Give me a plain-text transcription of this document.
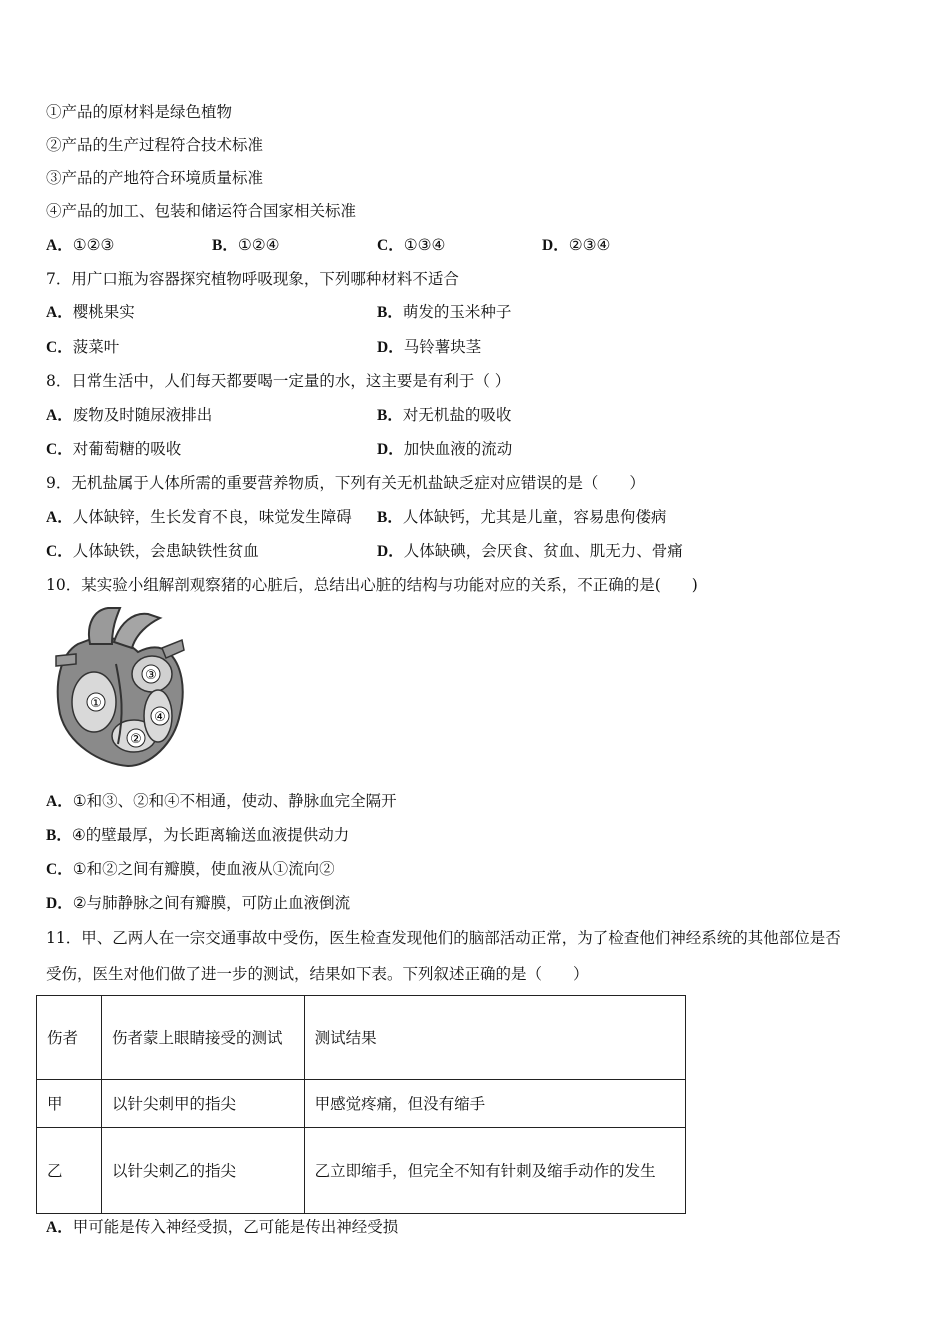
①产品的原材料是绿色植物
②产品的生产过程符合技术标准
③产品的产地符合环境质量标准
④产品的加工、包装和储运符合国家相关标准
A．①②③	B．①②④	C．①③④	D．②③④
7．用广口瓶为容器探究植物呼吸现象，下列哪种材料不适合
A．樱桃果实	B．萌发的玉米种子
C．菠菜叶	D．马铃薯块茎
8．日常生活中，人们每天都要喝一定量的水，这主要是有利于（ ）
A．废物及时随尿液排出	B．对无机盐的吸收
C．对葡萄糖的吸收	D．加快血液的流动
9．无机盐属于人体所需的重要营养物质，下列有关无机盐缺乏症对应错误的是（　　）
A．人体缺锌，生长发育不良，味觉发生障碍 B．人体缺钙，尤其是儿童，容易患佝偻病
C．人体缺铁，会患缺铁性贫血	D．人体缺碘，会厌食、贫血、肌无力、骨痛
10．某实验小组解剖观察猪的心脏后，总结出心脏的结构与功能对应的关系，不正确的是(　　)
①
②
③
④
A．①和③、②和④不相通，使动、静脉血完全隔开
B．④的壁最厚，为长距离输送血液提供动力
C．①和②之间有瓣膜，使血液从①流向②
D．②与肺静脉之间有瓣膜，可防止血液倒流
11．甲、乙两人在一宗交通事故中受伤，医生检查发现他们的脑部活动正常，为了检查他们神经系统的其他部位是否
受伤，医生对他们做了进一步的测试，结果如下表。下列叙述正确的是（　　）
伤者	伤者蒙上眼睛接受的测试	测试结果
甲	以针尖刺甲的指尖	甲感觉疼痛，但没有缩手
乙	以针尖刺乙的指尖	乙立即缩手，但完全不知有针刺及缩手动作的发生
A．甲可能是传入神经受损，乙可能是传出神经受损
